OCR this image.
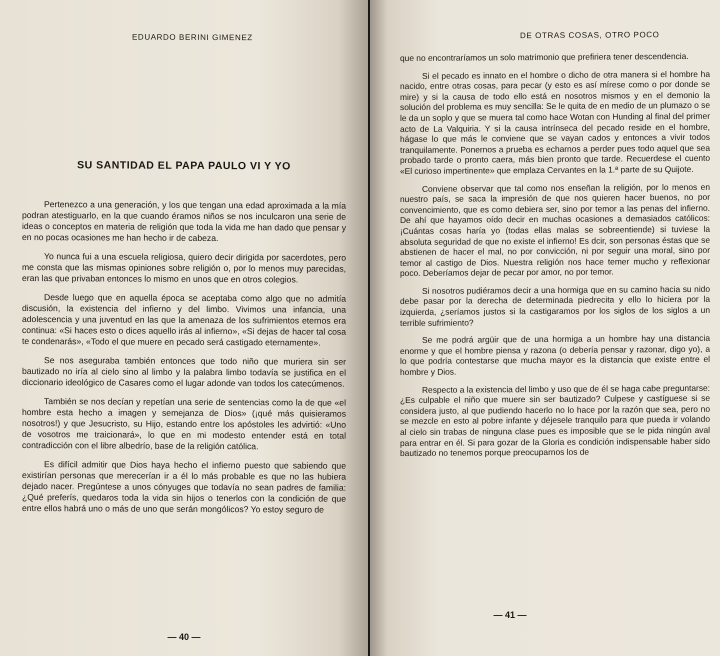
EDUARDO BERINI GIMENEZ
SU SANTIDAD EL PAPA PAULO VI Y YO

Pertenezco a una generación, y los que tengan una edad aproximada a la mía podran atestiguarlo, en la que cuando éramos niños se nos inculcaron una serie de ideas o conceptos en materia de religión que toda la vida me han dado que pensar y en no pocas ocasiones me han hecho ir de cabeza.

Yo nunca fui a una escuela religiosa, quiero decir dirigida por sacerdotes, pero me consta que las mismas opiniones sobre religión o, por lo menos muy parecidas, eran las que privaban entonces lo mismo en unos que en otros colegios.

Desde luego que en aquella época se aceptaba como algo que no admitía discusión, la existencia del infierno y del limbo. Vivimos una infancia, una adolescencia y una juventud en las que la amenaza de los sufrimientos eternos era continua: «Si haces esto o dices aquello irás al infierno», «Si dejas de hacer tal cosa te condenarás», «Todo el que muere en pecado será castigado eternamente».

Se nos aseguraba también entonces que todo niño que muriera sin ser bautizado no iría al cielo sino al limbo y la palabra limbo todavía se justifica en el diccionario ideológico de Casares como el lugar adonde van todos los catecúmenos.

También se nos decían y repetían una serie de sentencias como la de que «el hombre esta hecho a imagen y semejanza de Dios» (¡qué más quisieramos nosotros!) y que Jesucristo, su Hijo, estando entre los apóstoles les advirtió: «Uno de vosotros me traicionará», lo que en mi modesto entender está en total contradicción con el libre albedrío, base de la religión católica.

Es difícil admitir que Dios haya hecho el infierno puesto que sabiendo que existirían personas que merecerían ir a él lo más probable es que no las hubiera dejado nacer. Pregúntese a unos cónyuges que todavía no sean padres de familia: ¿Qué preferís, quedaros toda la vida sin hijos o tenerlos con la condición de que entre ellos habrá uno o más de uno que serán mongólicos? Yo estoy seguro de

— 40 —
DE OTRAS COSAS, OTRO POCO

que no encontraríamos un solo matrimonio que prefiriera tener descendencia.

Si el pecado es innato en el hombre o dicho de otra manera si el hombre ha nacido, entre otras cosas, para pecar (y esto es así mírese como o por donde se mire) y si la causa de todo ello está en nosotros mismos y en el demonio la solución del problema es muy sencilla: Se le quita de en medio de un plumazo o se le da un soplo y que se muera tal como hace Wotan con Hunding al final del primer acto de La Valquiria. Y si la causa intrínseca del pecado reside en el hombre, hágase lo que más le conviene que se vayan cados y entonces a vivir todos tranquilamente. Ponernos a prueba es echarnos a perder pues todo aquel que sea probado tarde o pronto caera, más bien pronto que tarde. Recuerdese el cuento «El curioso impertinente» que emplaza Cervantes en la 1.ª parte de su Quijote.

Conviene observar que tal como nos enseñan la religión, por lo menos en nuestro país, se saca la impresión de que nos quieren hacer buenos, no por convencimiento, que es como debiera ser, sino por temor a las penas del infierno. De ahí que hayamos oído decir en muchas ocasiones a demasiados católicos: ¡Cuántas cosas haría yo (todas ellas malas se sobreentiende) si tuviese la absoluta seguridad de que no existe el infierno! Es dcir, son personas éstas que se abstienen de hacer el mal, no por convicción, ni por seguir una moral, sino por temor al castigo de Dios. Nuestra religión nos hace temer mucho y reflexionar poco. Deberíamos dejar de pecar por amor, no por temor.

Si nosotros pudiéramos decir a una hormiga que en su camino hacia su nido debe pasar por la derecha de determinada piedrecita y ello lo hiciera por la izquierda, ¿seríamos justos si la castigaramos por los siglos de los siglos a un terrible sufrimiento?

Se me podrá argüir que de una hormiga a un hombre hay una distancia enorme y que el hombre piensa y razona (o debería pensar y razonar, digo yo), a lo que podría contestarse que mucha mayor es la distancia que existe entre el hombre y Dios.

Respecto a la existencia del limbo y uso que de él se haga cabe preguntarse: ¿Es culpable el niño que muere sin ser bautizado? Culpese y castíguese si se considera justo, al que pudiendo hacerlo no lo hace por la razón que sea, pero no se mezcle en esto al pobre infante y déjesele tranquilo para que pueda ir volando al cielo sin trabas de ninguna clase pues es imposible que se le pida ningún aval para entrar en él. Si para gozar de la Gloria es condición indispensable haber sido bautizado no tenemos porque preocuparnos los de

— 41 —
